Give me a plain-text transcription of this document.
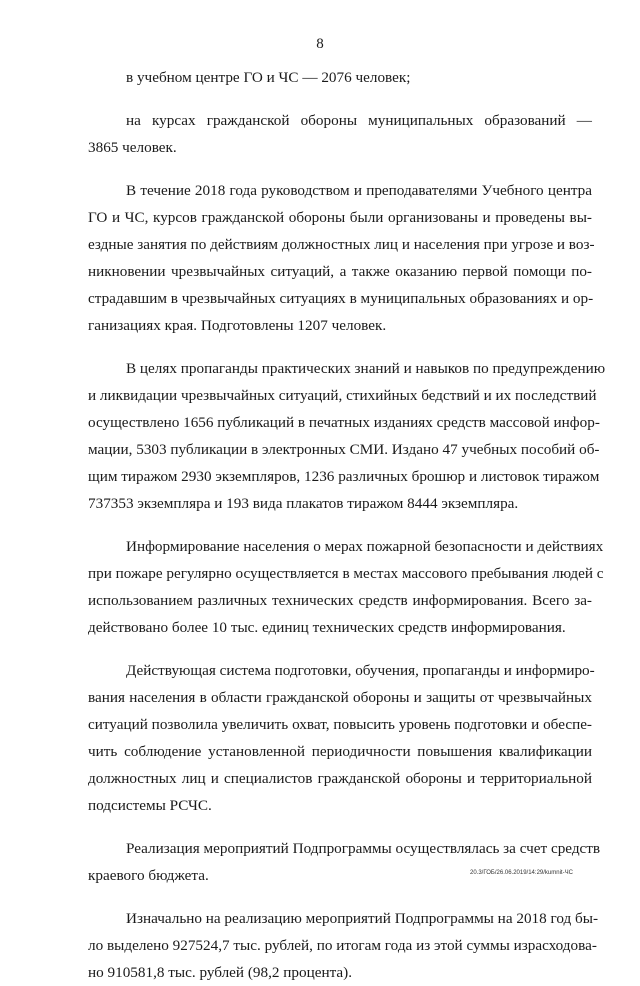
8
в учебном центре ГО и ЧС — 2076 человек;
на курсах гражданской обороны муниципальных образований —
3865 человек.
В течение 2018 года руководством и преподавателями Учебного центра
ГО и ЧС, курсов гражданской обороны были организованы и проведены вы-
ездные занятия по действиям должностных лиц и населения при угрозе и воз-
никновении чрезвычайных ситуаций, а также оказанию первой помощи по-
страдавшим в чрезвычайных ситуациях в муниципальных образованиях и ор-
ганизациях края. Подготовлены 1207 человек.
В целях пропаганды практических знаний и навыков по предупреждению
и ликвидации чрезвычайных ситуаций, стихийных бедствий и их последствий
осуществлено 1656 публикаций в печатных изданиях средств массовой инфор-
мации, 5303 публикации в электронных СМИ. Издано 47 учебных пособий об-
щим тиражом 2930 экземпляров, 1236 различных брошюр и листовок тиражом
737353 экземпляра и 193 вида плакатов тиражом 8444 экземпляра.
Информирование населения о мерах пожарной безопасности и действиях
при пожаре регулярно осуществляется в местах массового пребывания людей с
использованием различных технических средств информирования. Всего за-
действовано более 10 тыс. единиц технических средств информирования.
Действующая система подготовки, обучения, пропаганды и информиро-
вания населения в области гражданской обороны и защиты от чрезвычайных
ситуаций позволила увеличить охват, повысить уровень подготовки и обеспе-
чить соблюдение установленной периодичности повышения квалификации
должностных лиц и специалистов гражданской обороны и территориальной
подсистемы РСЧС.
Реализация мероприятий Подпрограммы осуществлялась за счет средств
краевого бюджета.
Изначально на реализацию мероприятий Подпрограммы на 2018 год бы-
ло выделено 927524,7 тыс. рублей, по итогам года из этой суммы израсходова-
но 910581,8 тыс. рублей (98,2 процента).
20.3/ГОБ/26.06.2019/14:29/kumnit-ЧС
